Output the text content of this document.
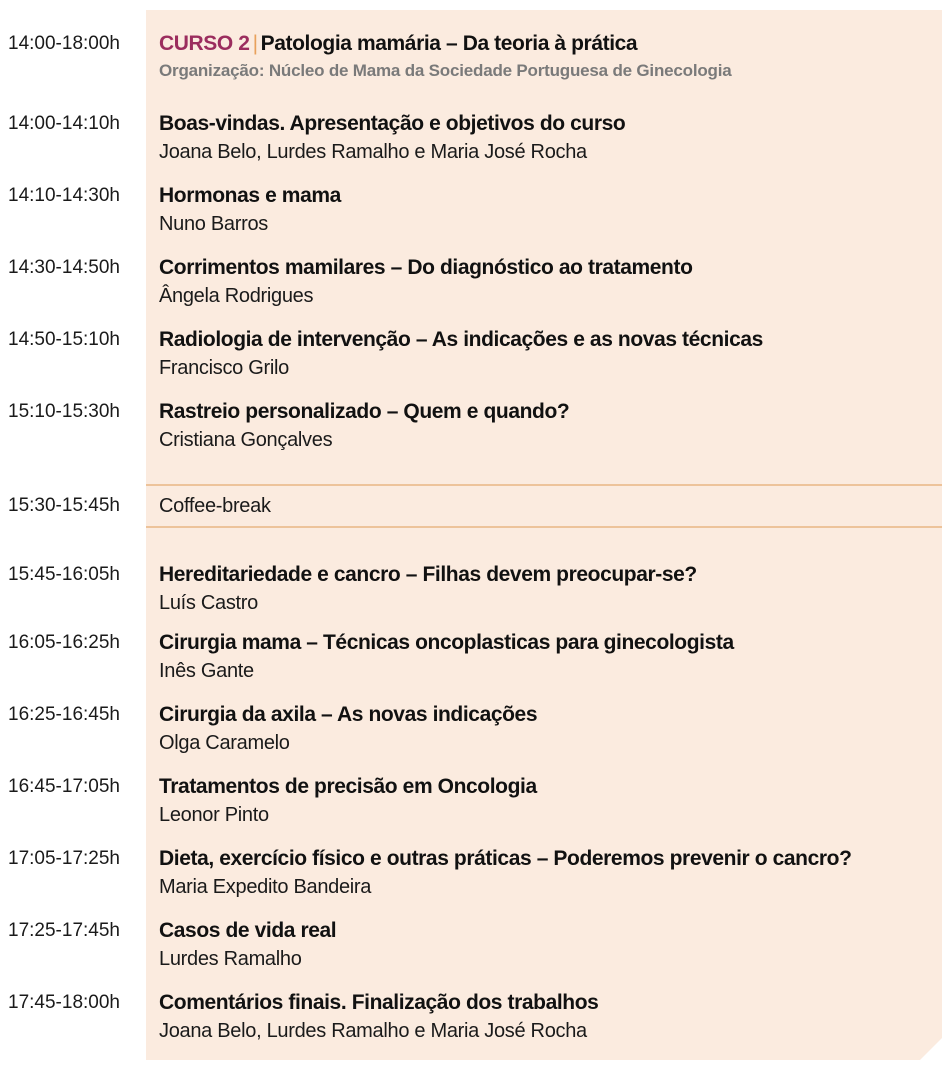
14:00-18:00h	CURSO 2 | Patologia mamária – Da teoria à prática
Organização: Núcleo de Mama da Sociedade Portuguesa de Ginecologia
14:00-14:10h	Boas-vindas. Apresentação e objetivos do curso
Joana Belo, Lurdes Ramalho e Maria José Rocha
14:10-14:30h	Hormonas e mama
Nuno Barros
14:30-14:50h	Corrimentos mamilares – Do diagnóstico ao tratamento
Ângela Rodrigues
14:50-15:10h	Radiologia de intervenção – As indicações e as novas técnicas
Francisco Grilo
15:10-15:30h	Rastreio personalizado – Quem e quando?
Cristiana Gonçalves
15:30-15:45h	Coffee-break
15:45-16:05h	Hereditariedade e cancro – Filhas devem preocupar-se?
Luís Castro
16:05-16:25h	Cirurgia mama – Técnicas oncoplasticas para ginecologista
Inês Gante
16:25-16:45h	Cirurgia da axila – As novas indicações
Olga Caramelo
16:45-17:05h	Tratamentos de precisão em Oncologia
Leonor Pinto
17:05-17:25h	Dieta, exercício físico e outras práticas – Poderemos prevenir o cancro?
Maria Expedito Bandeira
17:25-17:45h	Casos de vida real
Lurdes Ramalho
17:45-18:00h	Comentários finais. Finalização dos trabalhos
Joana Belo, Lurdes Ramalho e Maria José Rocha
